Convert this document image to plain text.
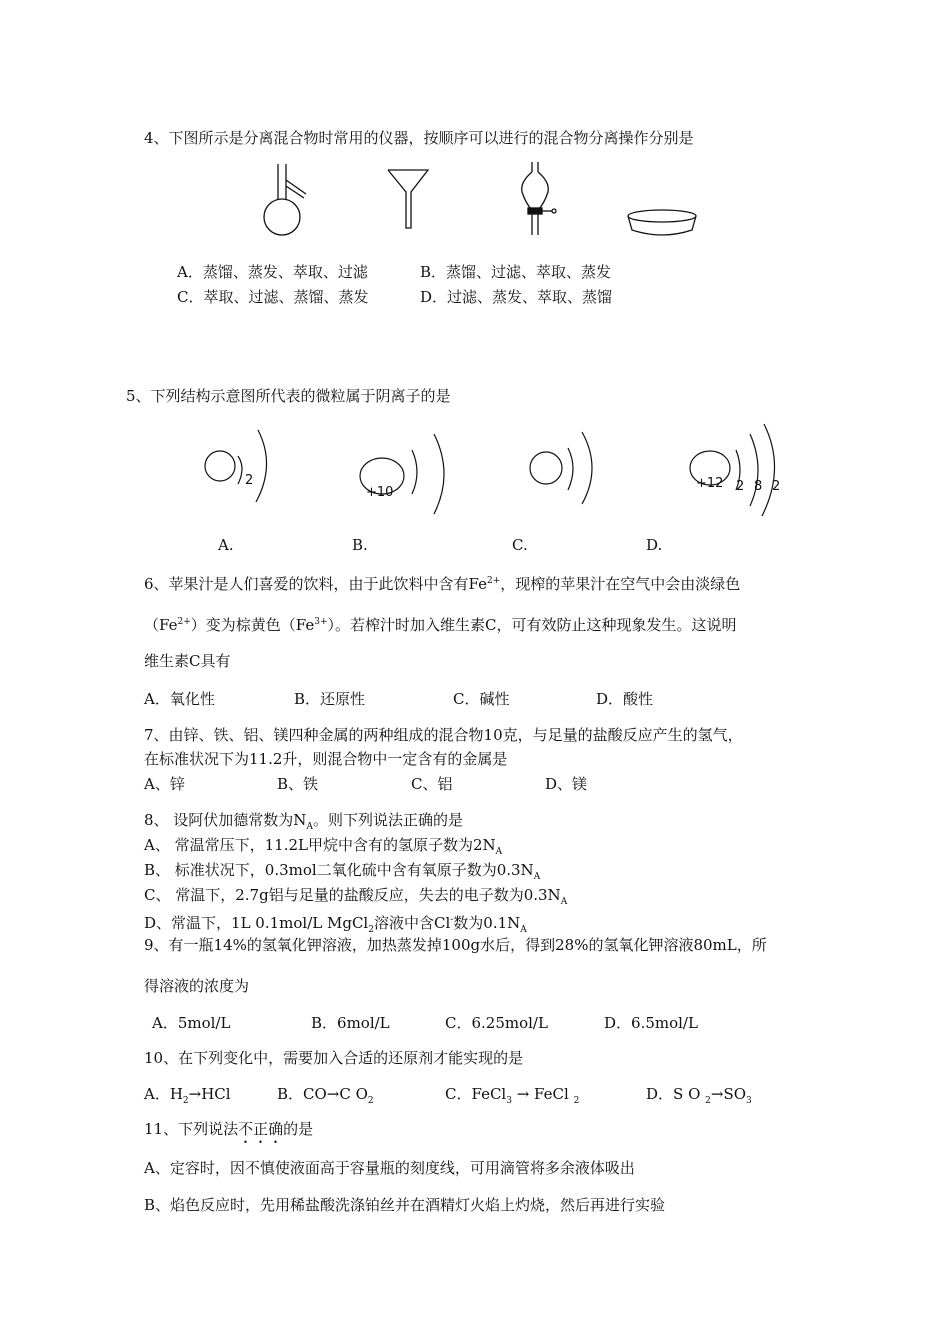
4、下图所示是分离混合物时常用的仪器，按顺序可以进行的混合物分离操作分别是
A．蒸馏、蒸发、萃取、过滤	B．蒸馏、过滤、萃取、蒸发
C．萃取、过滤、蒸馏、蒸发	D．过滤、蒸发、萃取、蒸馏
5、下列结构示意图所代表的微粒属于阴离子的是
2
+10
+12 2 8 2
A.	B.	C.	D.
6、苹果汁是人们喜爱的饮料，由于此饮料中含有$Fe^{2+}$，现榨的苹果汁在空气中会由淡绿色
$(Fe^{2+})$变为棕黄色$(Fe^{3+})$。若榨汁时加入维生素C，可有效防止这种现象发生。这说明
维生素C具有
A．氧化性	B．还原性	C．碱性	D．酸性
7、由锌、铁、铝、镁四种金属的两种组成的混合物10克，与足量的盐酸反应产生的氢气，
在标准状况下为11.2升，则混合物中一定含有的金属是
A、锌	B、铁	C、铝	D、镁
8、 设阿伏加德常数为$N_A$。则下列说法正确的是
A、 常温常压下，11.2L甲烷中含有的氢原子数为$2N_A$
B、 标准状况下，0.3mol二氧化硫中含有氧原子数为$0.3N_A$
C、 常温下，2.7g铝与足量的盐酸反应，失去的电子数为$0.3N_A$
D、常温下，1L 0.1mol/L MgCl$_2$溶液中含Cl-数为$0.1N_A$
9、有一瓶14%的氢氧化钾溶液，加热蒸发掉100g水后，得到28%的氢氧化钾溶液80mL，所
得溶液的浓度为
A．5mol/L	B．6mol/L	C．6.25mol/L	D．6.5mol/L
10、在下列变化中，需要加入合适的还原剂才能实现的是
A．$H_2\to HCl$	B．CO→C $O_2$	C．FeCl$_3$ → FeCl $_2$	D．S O $_2\to SO_3$
11、下列说法不正确的是
A、定容时，因不慎使液面高于容量瓶的刻度线，可用滴管将多余液体吸出
B、焰色反应时，先用稀盐酸洗涤铂丝并在酒精灯火焰上灼烧，然后再进行实验
